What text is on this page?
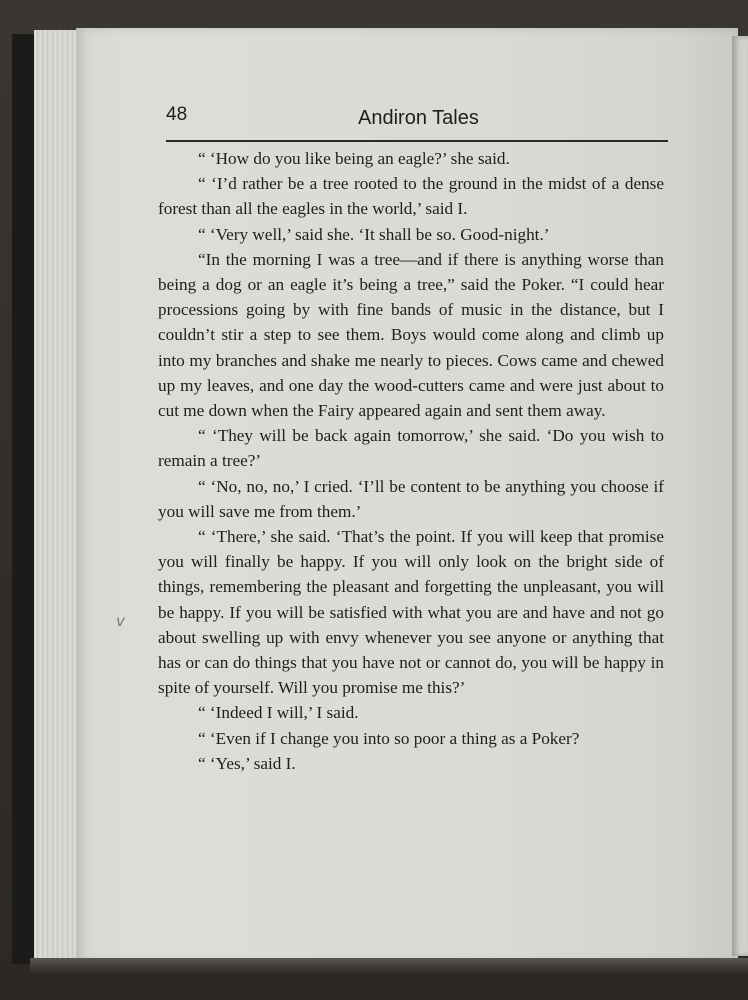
48	Andiron Tales

“ ‘How do you like being an eagle?’ she said.

“ ‘I’d rather be a tree rooted to the ground in the midst of a dense forest than all the eagles in the world,’ said I.

“ ‘Very well,’ said she. ‘It shall be so. Good-night.’

“In the morning I was a tree—and if there is anything worse than being a dog or an eagle it’s being a tree,” said the Poker. “I could hear processions going by with fine bands of music in the distance, but I couldn’t stir a step to see them. Boys would come along and climb up into my branches and shake me nearly to pieces. Cows came and chewed up my leaves, and one day the wood-cutters came and were just about to cut me down when the Fairy appeared again and sent them away.

“ ‘They will be back again tomorrow,’ she said. ‘Do you wish to remain a tree?’

“ ‘No, no, no,’ I cried. ‘I’ll be content to be anything you choose if you will save me from them.’

“ ‘There,’ she said. ‘That’s the point. If you will keep that promise you will finally be happy. If you will only look on the bright side of things, remembering the pleasant and forgetting the unpleasant, you will be happy. If you will be satisfied with what you are and have and not go about swelling up with envy whenever you see anyone or anything that has or can do things that you have not or cannot do, you will be happy in spite of yourself. Will you promise me this?’

“ ‘Indeed I will,’ I said.

“ ‘Even if I change you into so poor a thing as a Poker?

“ ‘Yes,’ said I.

v
